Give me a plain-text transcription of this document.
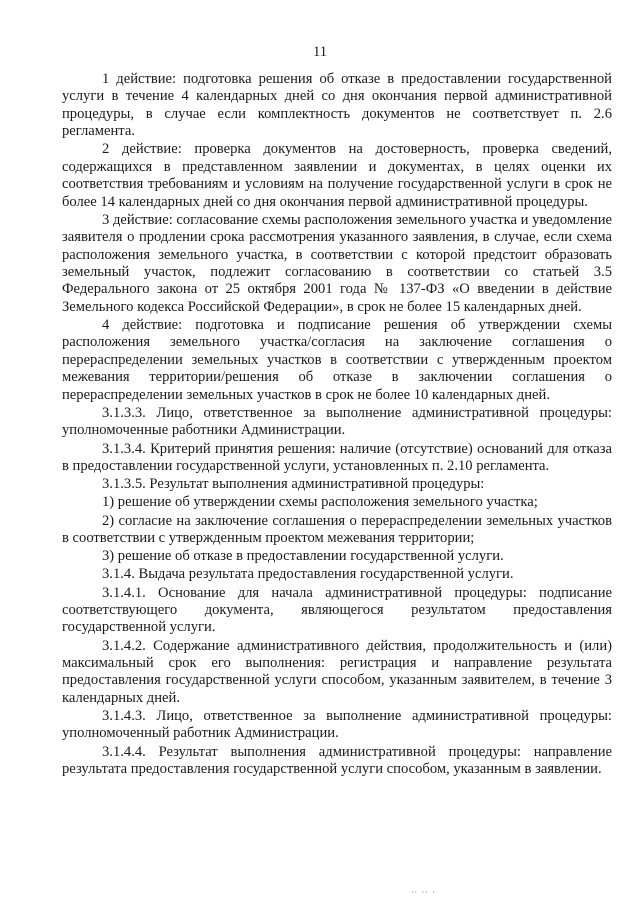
11

1 действие: подготовка решения об отказе в предоставлении государственной услуги в течение 4 календарных дней со дня окончания первой административной процедуры, в случае если комплектность документов не соответствует п. 2.6 регламента.

2 действие: проверка документов на достоверность, проверка сведений, содержащихся в представленном заявлении и документах, в целях оценки их соответствия требованиям и условиям на получение государственной услуги в срок не более 14 календарных дней со дня окончания первой административной процедуры.

3 действие: согласование схемы расположения земельного участка и уведомление заявителя о продлении срока рассмотрения указанного заявления, в случае, если схема расположения земельного участка, в соответствии с которой предстоит образовать земельный участок, подлежит согласованию в соответствии со статьей 3.5 Федерального закона от 25 октября 2001 года № 137-ФЗ «О введении в действие Земельного кодекса Российской Федерации», в срок не более 15 календарных дней.

4 действие: подготовка и подписание решения об утверждении схемы расположения земельного участка/согласия на заключение соглашения о перераспределении земельных участков в соответствии с утвержденным проектом межевания территории/решения об отказе в заключении соглашения о перераспределении земельных участков в срок не более 10 календарных дней.

3.1.3.3. Лицо, ответственное за выполнение административной процедуры: уполномоченные работники Администрации.

3.1.3.4. Критерий принятия решения: наличие (отсутствие) оснований для отказа в предоставлении государственной услуги, установленных п. 2.10 регламента.

3.1.3.5. Результат выполнения административной процедуры:

1) решение об утверждении схемы расположения земельного участка;

2) согласие на заключение соглашения о перераспределении земельных участков в соответствии с утвержденным проектом межевания территории;

3) решение об отказе в предоставлении государственной услуги.

3.1.4. Выдача результата предоставления государственной услуги.

3.1.4.1. Основание для начала административной процедуры: подписание соответствующего документа, являющегося результатом предоставления государственной услуги.

3.1.4.2. Содержание административного действия, продолжительность и (или) максимальный срок его выполнения: регистрация и направление результата предоставления государственной услуги способом, указанным заявителем, в течение 3 календарных дней.

3.1.4.3. Лицо, ответственное за выполнение административной процедуры: уполномоченный работник Администрации.

3.1.4.4. Результат выполнения административной процедуры: направление результата предоставления государственной услуги способом, указанным в заявлении.

·· ·· ·
